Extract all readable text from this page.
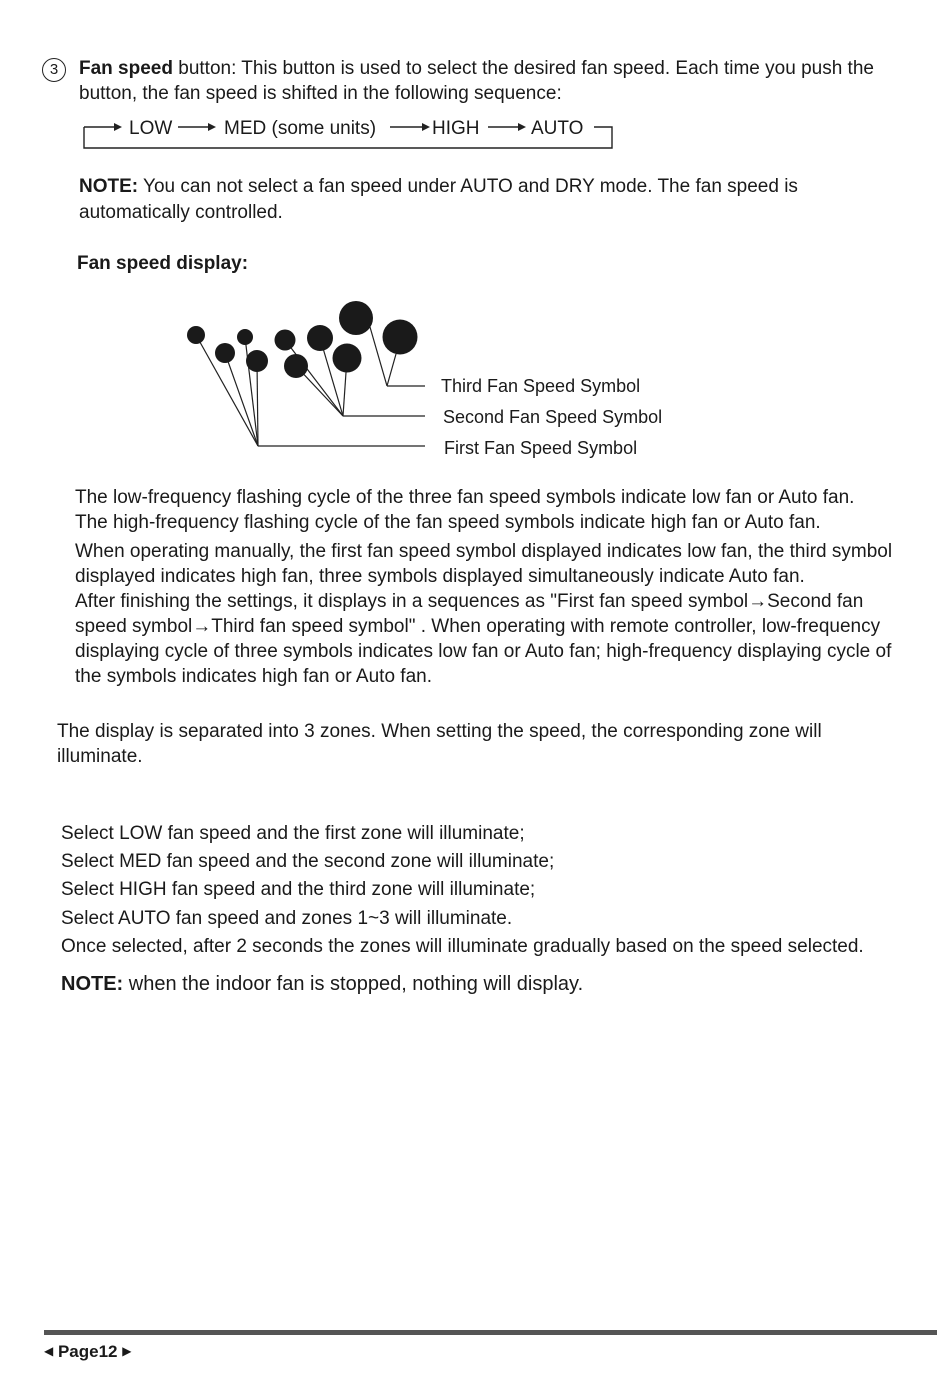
3	Fan speed button: This button is used to select the desired fan speed. Each time you push the
button, the fan speed is shifted in the following sequence:
LOW	MED (some units)	HIGH	AUTO
NOTE: You can not select a fan speed under AUTO and DRY mode. The fan speed is
automatically controlled.
Fan speed display:
Third Fan Speed Symbol
Second Fan Speed Symbol
First Fan Speed Symbol
The low-frequency flashing cycle of the three fan speed symbols indicate low fan or Auto fan.
The high-frequency flashing cycle of the fan speed symbols indicate high fan or Auto fan.
When operating manually, the first fan speed symbol displayed indicates low fan, the third symbol
displayed indicates high fan, three symbols displayed simultaneously indicate Auto fan.
After finishing the settings, it displays in a sequences as "First fan speed symbol→Second fan
speed symbol→Third fan speed symbol" . When operating with remote controller, low-frequency
displaying cycle of three symbols indicates low fan or Auto fan; high-frequency displaying cycle of
the symbols indicates high fan or Auto fan.
The display is separated into 3 zones. When setting the speed, the corresponding zone will
illuminate.
Select LOW fan speed and the first zone will illuminate;
Select MED fan speed and the second zone will illuminate;
Select HIGH fan speed and the third zone will illuminate;
Select AUTO fan speed and zones 1~3 will illuminate.
Once selected, after 2 seconds the zones will illuminate gradually based on the speed selected.
NOTE: when the indoor fan is stopped, nothing will display.
◀ Page12 ▶
